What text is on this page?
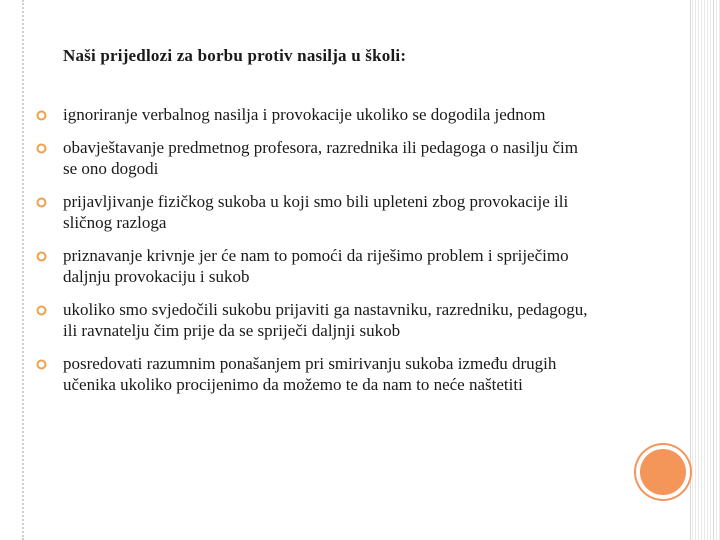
Naši prijedlozi za borbu protiv nasilja u školi:
ignoriranje verbalnog nasilja i provokacije ukoliko se dogodila jednom
obavještavanje predmetnog profesora, razrednika ili pedagoga o nasilju čim se ono dogodi
prijavljivanje fizičkog sukoba u koji smo bili upleteni zbog provokacije ili sličnog razloga
priznavanje krivnje jer će nam to pomoći da riješimo problem i spriječimo daljnju provokaciju i sukob
ukoliko smo svjedočili sukobu prijaviti ga nastavniku, razredniku, pedagogu, ili ravnatelju čim prije da se spriječi daljnji sukob
posredovati razumnim ponašanjem pri smirivanju sukoba između drugih učenika ukoliko procijenimo da možemo te da nam to neće naštetiti
